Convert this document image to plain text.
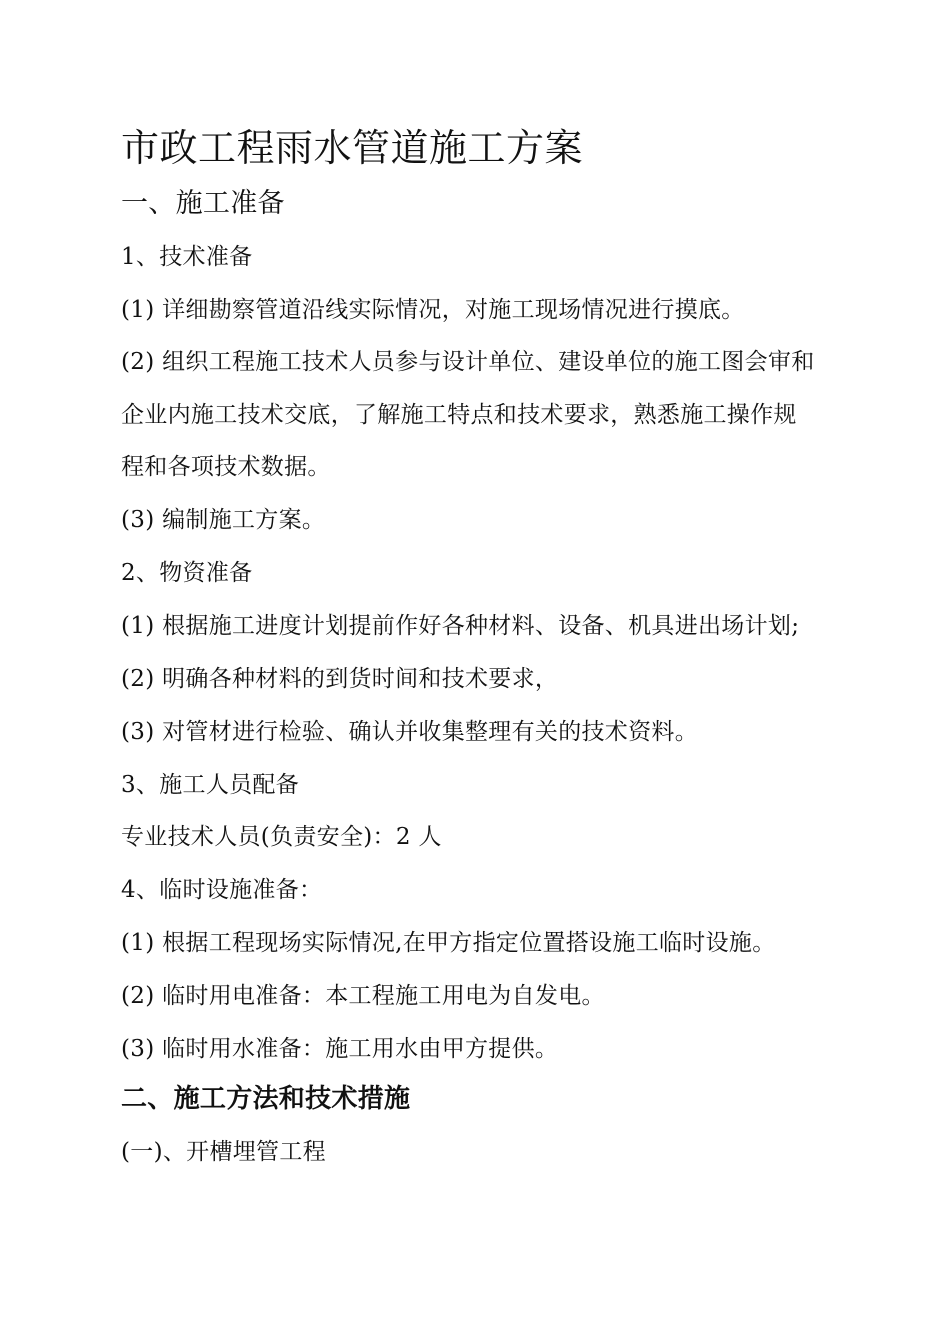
市政工程雨水管道施工方案
一、施工准备
1、技术准备
(1) 详细勘察管道沿线实际情况，对施工现场情况进行摸底。
(2) 组织工程施工技术人员参与设计单位、建设单位的施工图会审和
企业内施工技术交底，了解施工特点和技术要求，熟悉施工操作规
程和各项技术数据。
(3) 编制施工方案。
2、物资准备
(1) 根据施工进度计划提前作好各种材料、设备、机具进出场计划;
(2) 明确各种材料的到货时间和技术要求，
(3) 对管材进行检验、确认并收集整理有关的技术资料。
3、施工人员配备
专业技术人员(负责安全)：2 人
4、临时设施准备：
(1) 根据工程现场实际情况,在甲方指定位置搭设施工临时设施。
(2) 临时用电准备：本工程施工用电为自发电。
(3) 临时用水准备：施工用水由甲方提供。
二、施工方法和技术措施
(一)、开槽埋管工程
